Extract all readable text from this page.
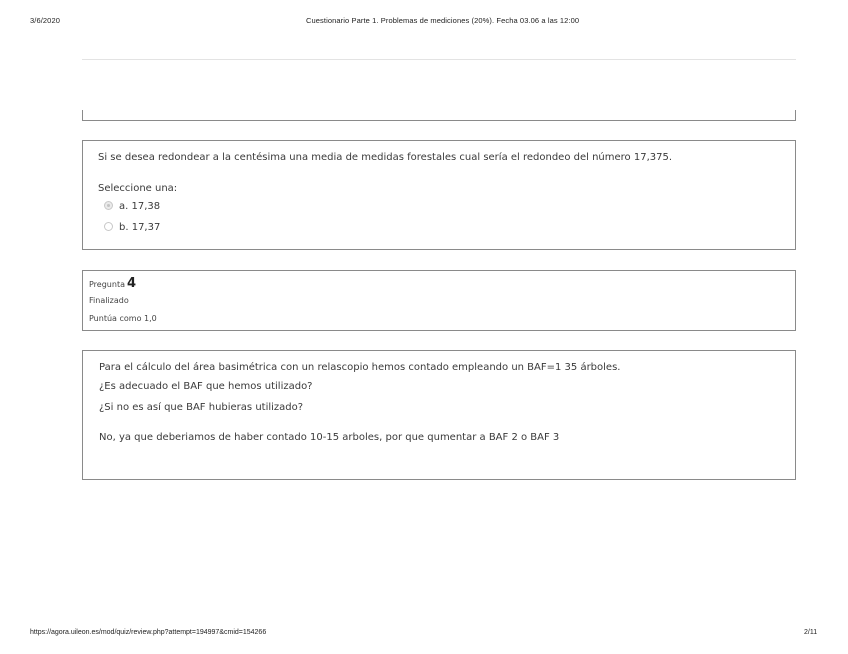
3/6/2020	Cuestionario Parte 1. Problemas de mediciones (20%). Fecha 03.06 a las 12:00
Si se desea redondear a la centésima una media de medidas forestales cual sería el redondeo del número 17,375.
Seleccione una:
a. 17,38
b. 17,37
Pregunta 4
Finalizado
Puntúa como 1,0
Para el cálculo del área basimétrica con un relascopio hemos contado empleando un BAF=1 35 árboles.
¿Es adecuado el BAF que hemos utilizado?
¿Si no es así que BAF hubieras utilizado?
No, ya que deberiamos de haber contado 10-15 arboles, por que qumentar a BAF 2 o BAF 3
https://agora.uileon.es/mod/quiz/review.php?attempt=194997&cmid=154266	2/11
